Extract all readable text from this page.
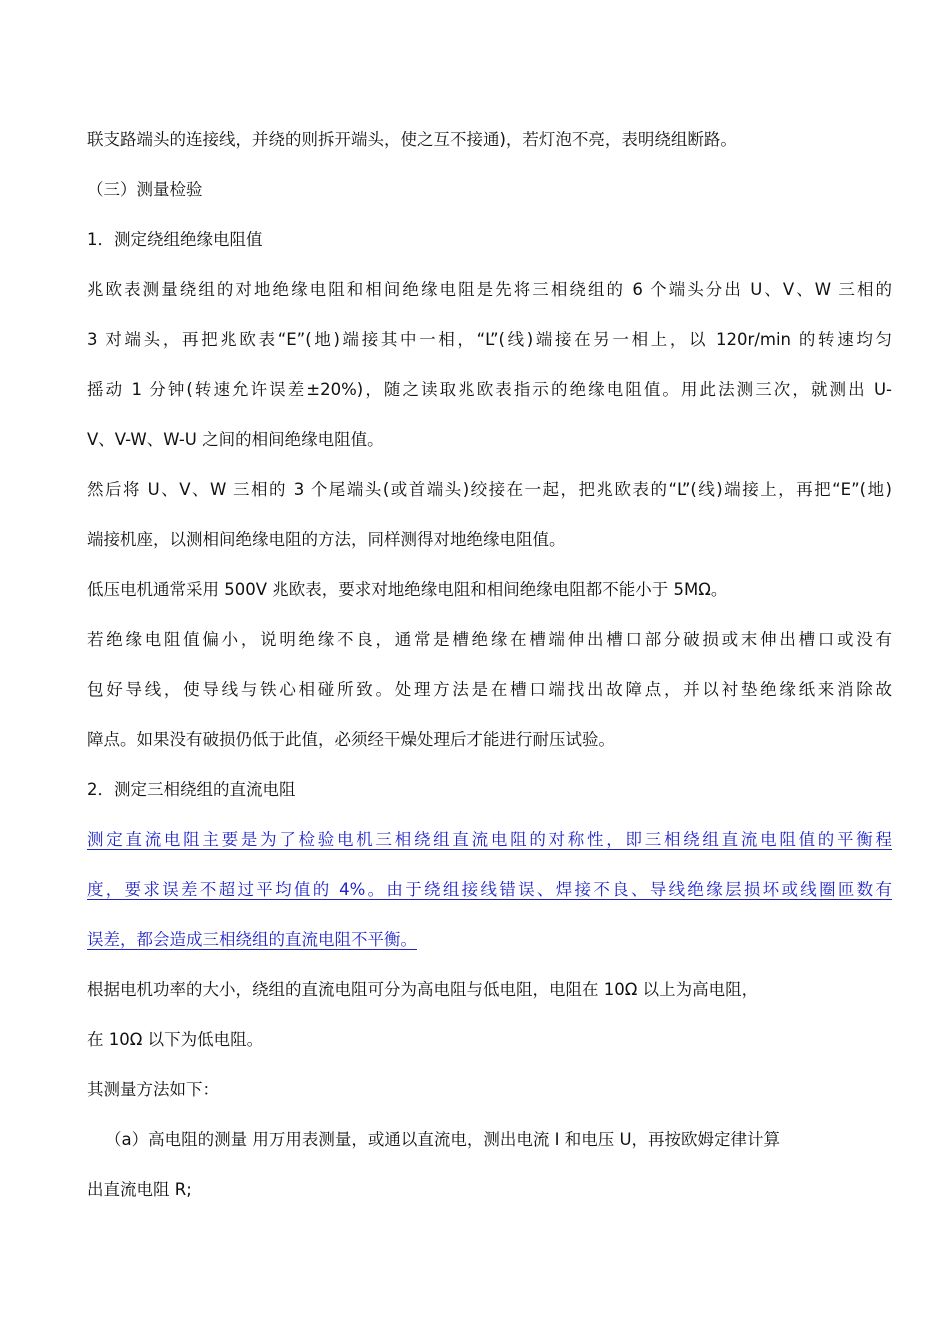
联支路端头的连接线，并绕的则拆开端头，使之互不接通)，若灯泡不亮，表明绕组断路。
（三）测量检验
1．测定绕组绝缘电阻值
兆欧表测量绕组的对地绝缘电阻和相间绝缘电阻是先将三相绕组的 6 个端头分出 U、V、W 三相的
3 对端头，再把兆欧表“E”(地)端接其中一相，“L”(线)端接在另一相上，以 120r/min 的转速均匀
摇动 1 分钟(转速允许误差±20%)，随之读取兆欧表指示的绝缘电阻值。用此法测三次，就测出 U-
V、V-W、W-U 之间的相间绝缘电阻值。
然后将 U、V、W 三相的 3 个尾端头(或首端头)绞接在一起，把兆欧表的“L”(线)端接上，再把“E”(地)
端接机座，以测相间绝缘电阻的方法，同样测得对地绝缘电阻值。
低压电机通常采用 500V 兆欧表，要求对地绝缘电阻和相间绝缘电阻都不能小于 5MΩ。
若绝缘电阻值偏小，说明绝缘不良，通常是槽绝缘在槽端伸出槽口部分破损或末伸出槽口或没有
包好导线，使导线与铁心相碰所致。处理方法是在槽口端找出故障点，并以衬垫绝缘纸来消除故
障点。如果没有破损仍低于此值，必须经干燥处理后才能进行耐压试验。
2．测定三相绕组的直流电阻
测定直流电阻主要是为了检验电机三相绕组直流电阻的对称性，即三相绕组直流电阻值的平衡程
度，要求误差不超过平均值的 4%。由于绕组接线错误、焊接不良、导线绝缘层损坏或线圈匝数有
误差，都会造成三相绕组的直流电阻不平衡。
根据电机功率的大小，绕组的直流电阻可分为高电阻与低电阻，电阻在 10Ω 以上为高电阻，
在 10Ω 以下为低电阻。
其测量方法如下：
（a）高电阻的测量 用万用表测量，或通以直流电，测出电流 I 和电压 U，再按欧姆定律计算
出直流电阻 R;
